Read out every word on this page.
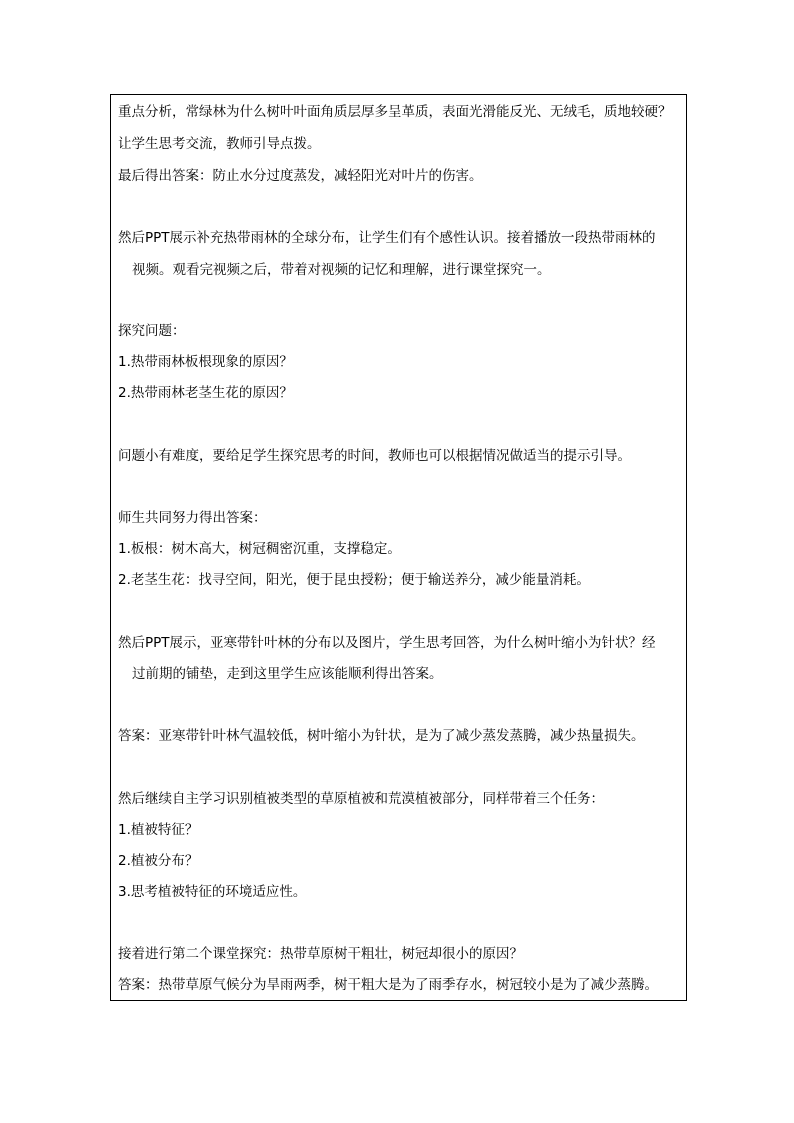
重点分析，常绿林为什么树叶叶面角质层厚多呈革质，表面光滑能反光、无绒毛，质地较硬？
让学生思考交流，教师引导点拨。
最后得出答案：防止水分过度蒸发，减轻阳光对叶片的伤害。
然后PPT展示补充热带雨林的全球分布，让学生们有个感性认识。接着播放一段热带雨林的
视频。观看完视频之后，带着对视频的记忆和理解，进行课堂探究一。
探究问题：
1.热带雨林板根现象的原因？
2.热带雨林老茎生花的原因？
问题小有难度，要给足学生探究思考的时间，教师也可以根据情况做适当的提示引导。
师生共同努力得出答案：
1.板根：树木高大，树冠稠密沉重，支撑稳定。
2.老茎生花：找寻空间，阳光，便于昆虫授粉；便于输送养分，减少能量消耗。
然后PPT展示，亚寒带针叶林的分布以及图片，学生思考回答，为什么树叶缩小为针状？经
过前期的铺垫，走到这里学生应该能顺利得出答案。
答案：亚寒带针叶林气温较低，树叶缩小为针状，是为了减少蒸发蒸腾，减少热量损失。
然后继续自主学习识别植被类型的草原植被和荒漠植被部分，同样带着三个任务：
1.植被特征？
2.植被分布？
3.思考植被特征的环境适应性。
接着进行第二个课堂探究：热带草原树干粗壮，树冠却很小的原因？
答案：热带草原气候分为旱雨两季，树干粗大是为了雨季存水，树冠较小是为了减少蒸腾。
